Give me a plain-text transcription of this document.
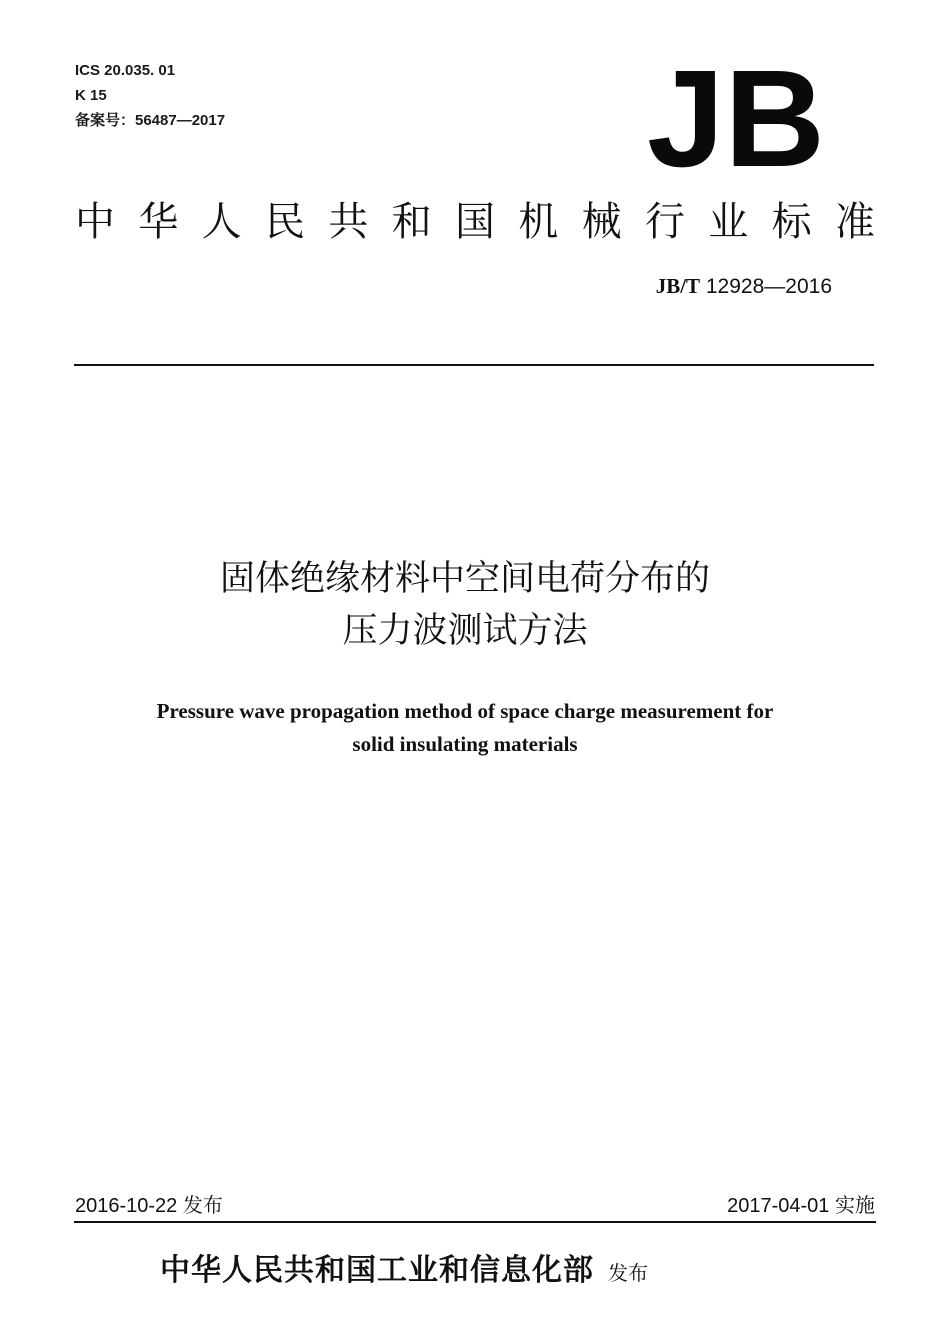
ICS 20.035. 01
K 15
备案号：56487—2017	JB
中 华 人 民 共 和 国 机 械 行 业 标 准
JB/T 12928—2016
固体绝缘材料中空间电荷分布的
压力波测试方法
Pressure wave propagation method of space charge measurement for
solid insulating materials
2016-10-22 发布	2017-04-01 实施
中华人民共和国工业和信息化部 发布
